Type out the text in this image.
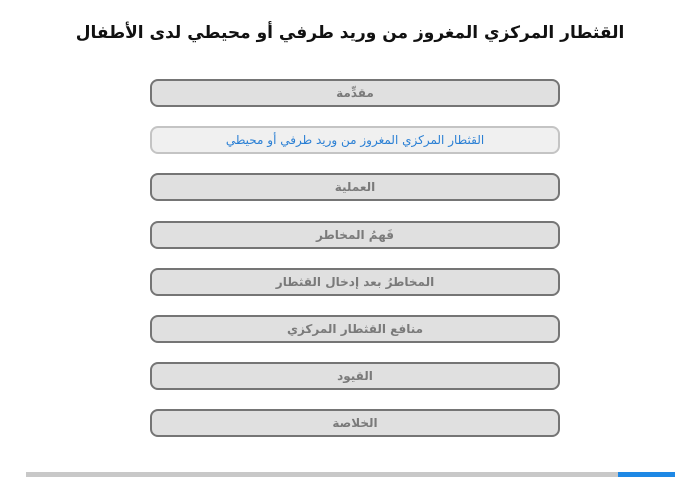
القثطار المركزي المغروز من وريد طرفي أو محيطي لدى الأطفال
مقدِّمة
القثطار المركزي المغروز من وريد طرفي أو محيطي
العملية
فَهمُ المخاطر
المخاطرُ بعد إدخال القثطار
منافع القثطار المركزي
القيود
الخلاصة
